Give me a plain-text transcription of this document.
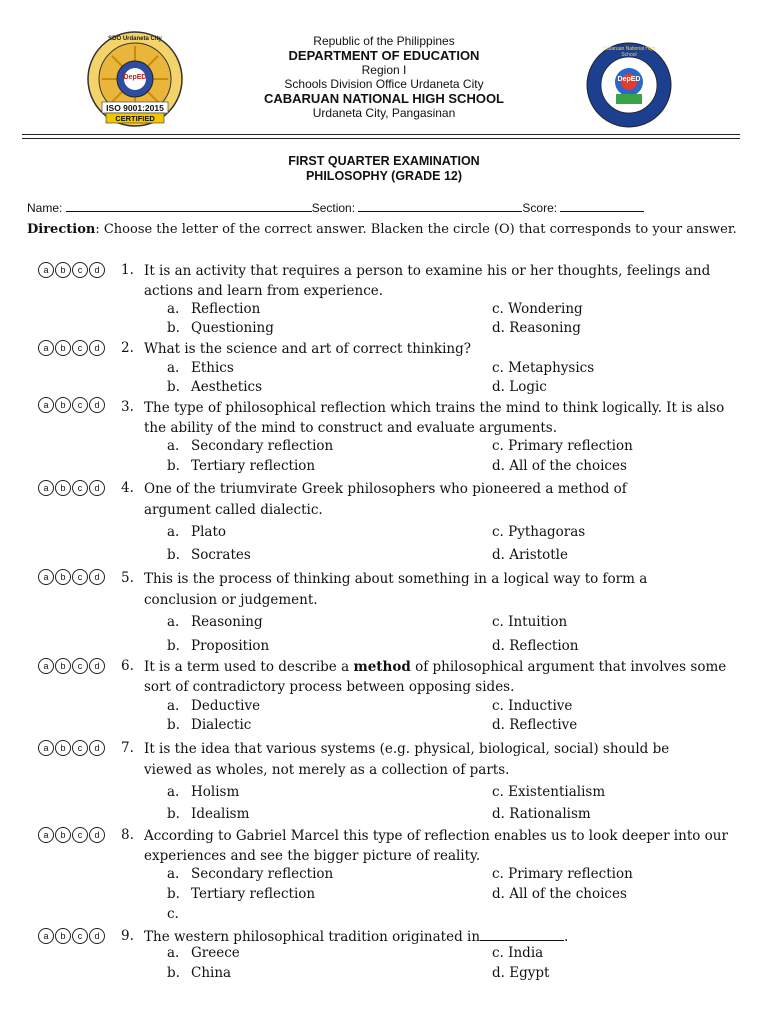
Republic of the Philippines
DEPARTMENT OF EDUCATION
Region I
Schools Division Office Urdaneta City
CABARUAN NATIONAL HIGH SCHOOL
Urdaneta City, Pangasinan
SDO Urdaneta City
DepED
ISO 9001:2015
CERTIFIED
DepED
Cabaruan National High School
FIRST QUARTER EXAMINATION
PHILOSOPHY (GRADE 12)
Name:	Section:	Score:
Direction: Choose the letter of the correct answer. Blacken the circle (O) that corresponds to your answer.
a	b	c	d	1. It is an activity that requires a person to examine his or her thoughts, feelings and actions and learn from experience.
a. Reflection
b. Questioning
c. Wondering
d. Reasoning
a	b	c	d	2. What is the science and art of correct thinking?
a. Ethics
b. Aesthetics
c. Metaphysics
d. Logic
a	b	c	d	3. The type of philosophical reflection which trains the mind to think logically. It is also the ability of the mind to construct and evaluate arguments.
a. Secondary reflection
b. Tertiary reflection
c. Primary reflection
d. All of the choices
a	b	c	d	4. One of the triumvirate Greek philosophers who pioneered a method of argument called dialectic.
a. Plato
b. Socrates
c. Pythagoras
d. Aristotle
a	b	c	d	5. This is the process of thinking about something in a logical way to form a conclusion or judgement.
a. Reasoning
b. Proposition
c. Intuition
d. Reflection
a	b	c	d	6. It is a term used to describe a method of philosophical argument that involves some sort of contradictory process between opposing sides.
a. Deductive
b. Dialectic
c. Inductive
d. Reflective
a	b	c	d	7. It is the idea that various systems (e.g. physical, biological, social) should be viewed as wholes, not merely as a collection of parts.
a. Holism
b. Idealism
c. Existentialism
d. Rationalism
a	b	c	d	8. According to Gabriel Marcel this type of reflection enables us to look deeper into our experiences and see the bigger picture of reality.
a. Secondary reflection
b. Tertiary reflection
c.
c. Primary reflection
d. All of the choices
a	b	c	d	9. The western philosophical tradition originated in	.
a. Greece
b. China
c. India
d. Egypt
